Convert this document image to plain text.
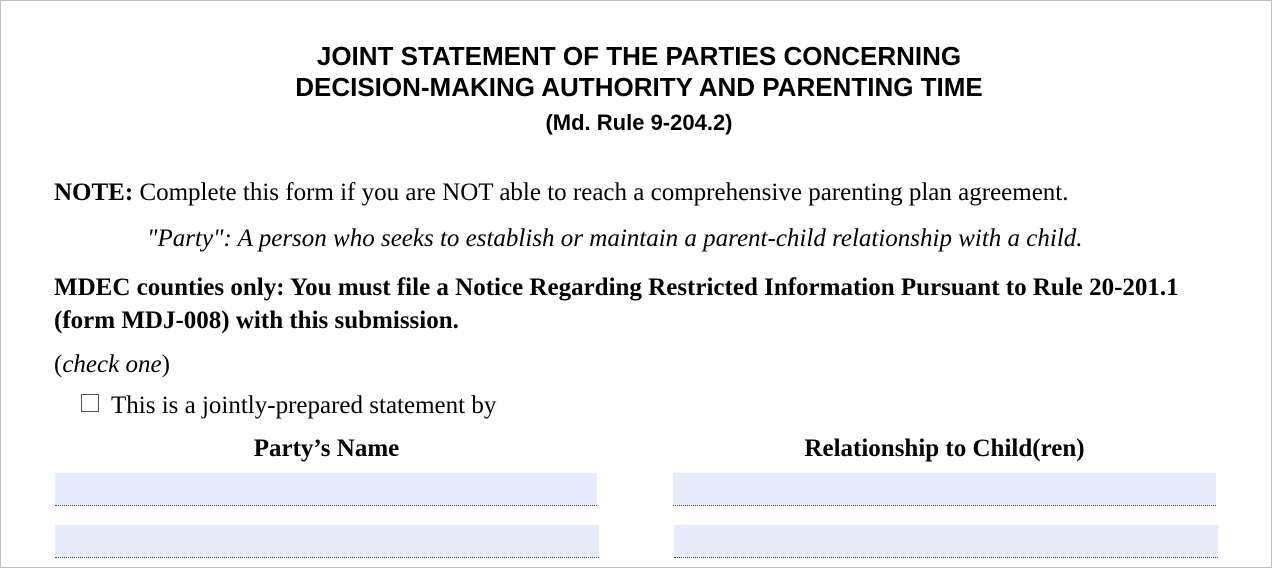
JOINT STATEMENT OF THE PARTIES CONCERNING
DECISION-MAKING AUTHORITY AND PARENTING TIME
(Md. Rule 9-204.2)
NOTE: Complete this form if you are NOT able to reach a comprehensive parenting plan agreement.
"Party": A person who seeks to establish or maintain a parent-child relationship with a child.
MDEC counties only: You must file a Notice Regarding Restricted Information Pursuant to Rule 20-201.1 (form MDJ-008) with this submission.
(check one)
This is a jointly-prepared statement by
Party’s Name	Relationship to Child(ren)
